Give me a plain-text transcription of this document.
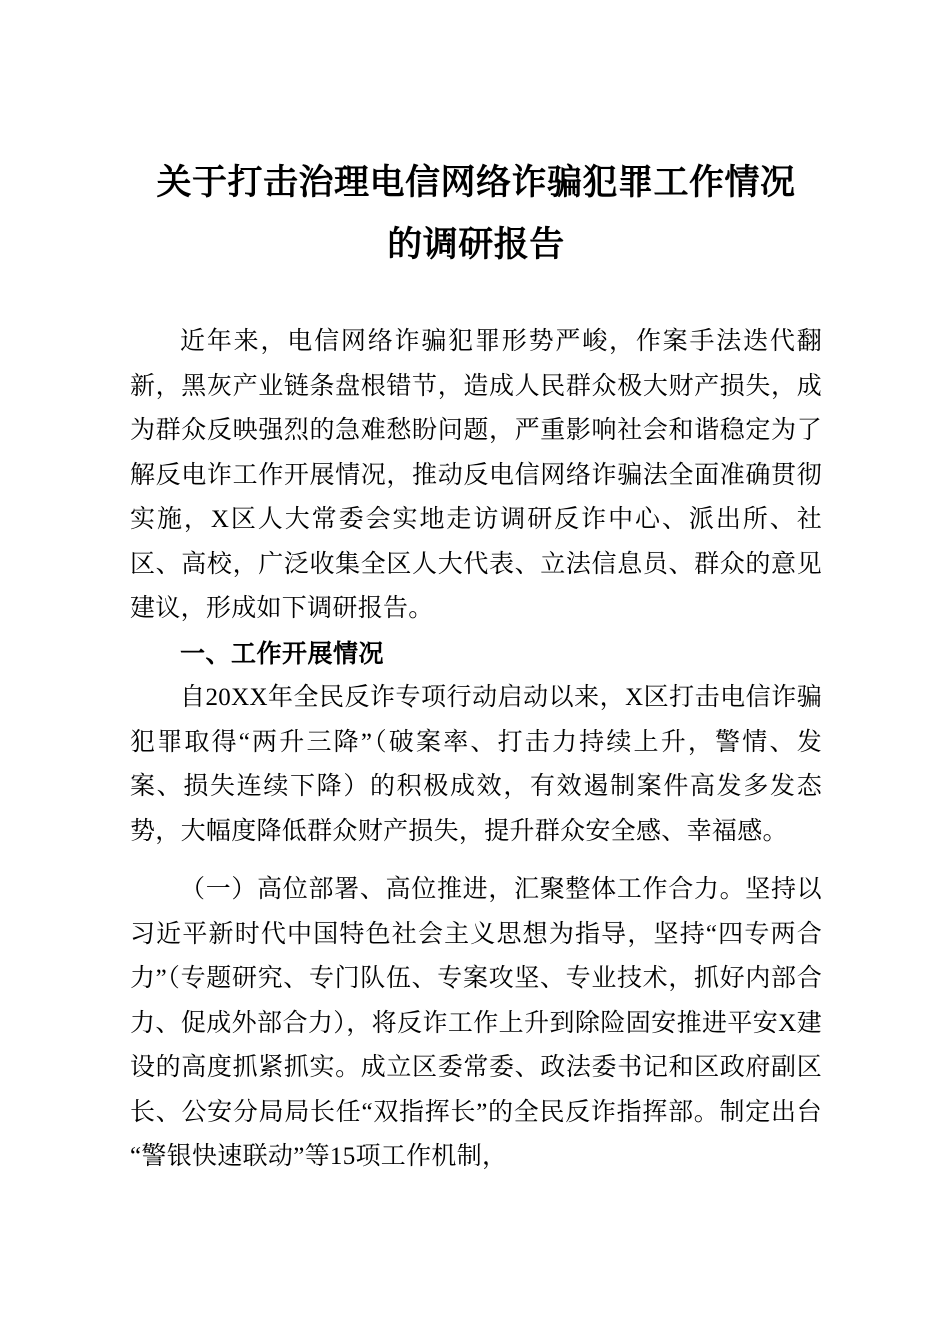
关于打击治理电信网络诈骗犯罪工作情况
的调研报告

近年来，电信网络诈骗犯罪形势严峻，作案手法迭代翻新，黑灰产业链条盘根错节，造成人民群众极大财产损失，成为群众反映强烈的急难愁盼问题，严重影响社会和谐稳定为了解反电诈工作开展情况，推动反电信网络诈骗法全面准确贯彻实施，X区人大常委会实地走访调研反诈中心、派出所、社区、高校，广泛收集全区人大代表、立法信息员、群众的意见建议，形成如下调研报告。

一、工作开展情况

自20XX年全民反诈专项行动启动以来，X区打击电信诈骗犯罪取得“两升三降”（破案率、打击力持续上升，警情、发案、损失连续下降）的积极成效，有效遏制案件高发多发态势，大幅度降低群众财产损失，提升群众安全感、幸福感。

（一）高位部署、高位推进，汇聚整体工作合力。坚持以习近平新时代中国特色社会主义思想为指导，坚持“四专两合力”（专题研究、专门队伍、专案攻坚、专业技术，抓好内部合力、促成外部合力），将反诈工作上升到除险固安推进平安X建设的高度抓紧抓实。成立区委常委、政法委书记和区政府副区长、公安分局局长任“双指挥长”的全民反诈指挥部。制定出台“警银快速联动”等15项工作机制，
